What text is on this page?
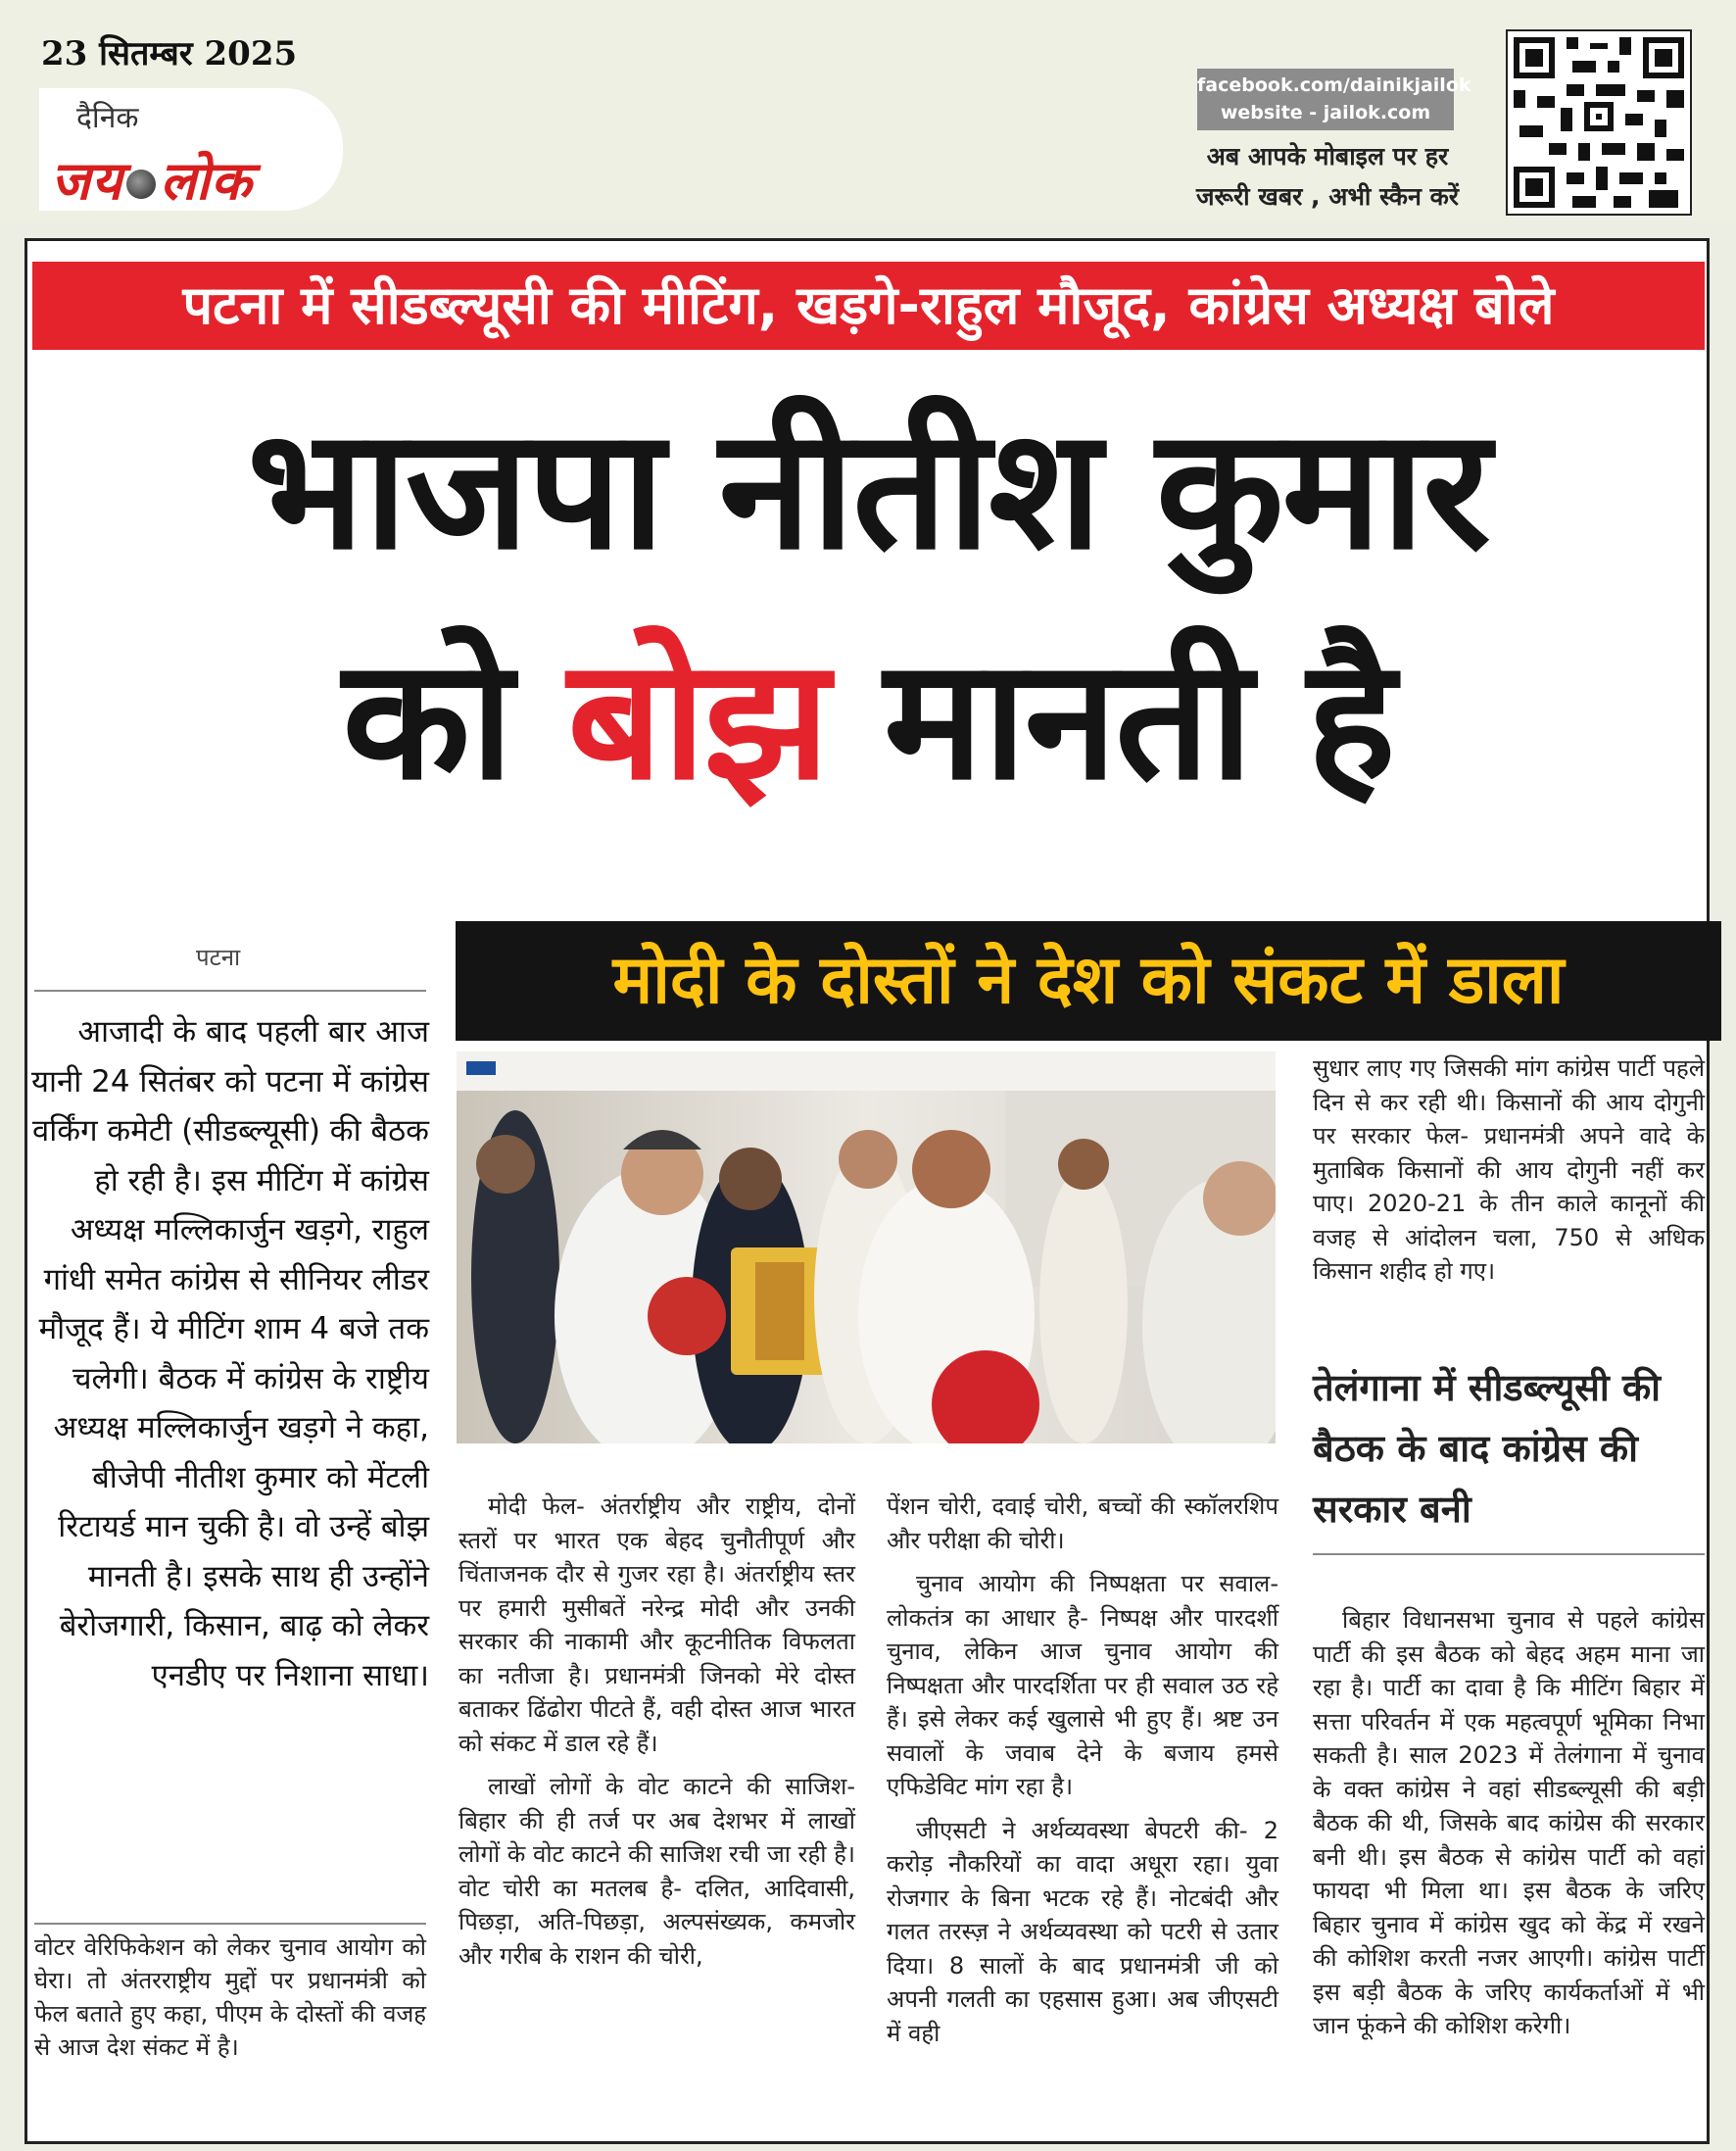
23 सितम्बर 2025
दैनिक
जय लोक
facebook.com/dainikjailok
website - jailok.com
अब आपके मोबाइल पर हर
जरूरी खबर , अभी स्कैन करें
पटना में सीडब्ल्यूसी की मीटिंग, खड़गे-राहुल मौजूद, कांग्रेस अध्यक्ष बोले
भाजपा नीतीश कुमार
को बोझ मानती है
मोदी के दोस्तों ने देश को संकट में डाला
पटना
आजादी के बाद पहली बार आज यानी 24 सितंबर को पटना में कांग्रेस वर्किंग कमेटी (सीडब्ल्यूसी) की बैठक हो रही है। इस मीटिंग में कांग्रेस अध्यक्ष मल्लिकार्जुन खड़गे, राहुल गांधी समेत कांग्रेस से सीनियर लीडर मौजूद हैं। ये मीटिंग शाम 4 बजे तक चलेगी। बैठक में कांग्रेस के राष्ट्रीय अध्यक्ष मल्लिकार्जुन खड़गे ने कहा, बीजेपी नीतीश कुमार को मेंटली रिटायर्ड मान चुकी है। वो उन्हें बोझ मानती है। इसके साथ ही उन्होंने बेरोजगारी, किसान, बाढ़ को लेकर एनडीए पर निशाना साधा।
वोटर वेरिफिकेशन को लेकर चुनाव आयोग को घेरा। तो अंतरराष्ट्रीय मुद्दों पर प्रधानमंत्री को फेल बताते हुए कहा, पीएम के दोस्तों की वजह से आज देश संकट में है।

मोदी फेल- अंतर्राष्ट्रीय और राष्ट्रीय, दोनों स्तरों पर भारत एक बेहद चुनौतीपूर्ण और चिंताजनक दौर से गुजर रहा है। अंतर्राष्ट्रीय स्तर पर हमारी मुसीबतें नरेन्द्र मोदी और उनकी सरकार की नाकामी और कूटनीतिक विफलता का नतीजा है। प्रधानमंत्री जिनको मेरे दोस्त बताकर ढिंढोरा पीटते हैं, वही दोस्त आज भारत को संकट में डाल रहे हैं।

लाखों लोगों के वोट काटने की साजिश- बिहार की ही तर्ज पर अब देशभर में लाखों लोगों के वोट काटने की साजिश रची जा रही है। वोट चोरी का मतलब है- दलित, आदिवासी, पिछड़ा, अति-पिछड़ा, अल्पसंख्यक, कमजोर और गरीब के राशन की चोरी,

पेंशन चोरी, दवाई चोरी, बच्चों की स्कॉलरशिप और परीक्षा की चोरी।

चुनाव आयोग की निष्पक्षता पर सवाल- लोकतंत्र का आधार है- निष्पक्ष और पारदर्शी चुनाव, लेकिन आज चुनाव आयोग की निष्पक्षता और पारदर्शिता पर ही सवाल उठ रहे हैं। इसे लेकर कई खुलासे भी हुए हैं। श्रष्ट उन सवालों के जवाब देने के बजाय हमसे एफिडेविट मांग रहा है।

जीएसटी ने अर्थव्यवस्था बेपटरी की- 2 करोड़ नौकरियों का वादा अधूरा रहा। युवा रोजगार के बिना भटक रहे हैं। नोटबंदी और गलत तरस्ज़ ने अर्थव्यवस्था को पटरी से उतार दिया। 8 सालों के बाद प्रधानमंत्री जी को अपनी गलती का एहसास हुआ। अब जीएसटी में वही

सुधार लाए गए जिसकी मांग कांग्रेस पार्टी पहले दिन से कर रही थी। किसानों की आय दोगुनी पर सरकार फेल- प्रधानमंत्री अपने वादे के मुताबिक किसानों की आय दोगुनी नहीं कर पाए। 2020-21 के तीन काले कानूनों की वजह से आंदोलन चला, 750 से अधिक किसान शहीद हो गए।

तेलंगाना में सीडब्ल्यूसी की बैठक के बाद कांग्रेस की सरकार बनी

बिहार विधानसभा चुनाव से पहले कांग्रेस पार्टी की इस बैठक को बेहद अहम माना जा रहा है। पार्टी का दावा है कि मीटिंग बिहार में सत्ता परिवर्तन में एक महत्वपूर्ण भूमिका निभा सकती है। साल 2023 में तेलंगाना में चुनाव के वक्त कांग्रेस ने वहां सीडब्ल्यूसी की बड़ी बैठक की थी, जिसके बाद कांग्रेस की सरकार बनी थी। इस बैठक से कांग्रेस पार्टी को वहां फायदा भी मिला था। इस बैठक के जरिए बिहार चुनाव में कांग्रेस खुद को केंद्र में रखने की कोशिश करती नजर आएगी। कांग्रेस पार्टी इस बड़ी बैठक के जरिए कार्यकर्ताओं में भी जान फूंकने की कोशिश करेगी।
